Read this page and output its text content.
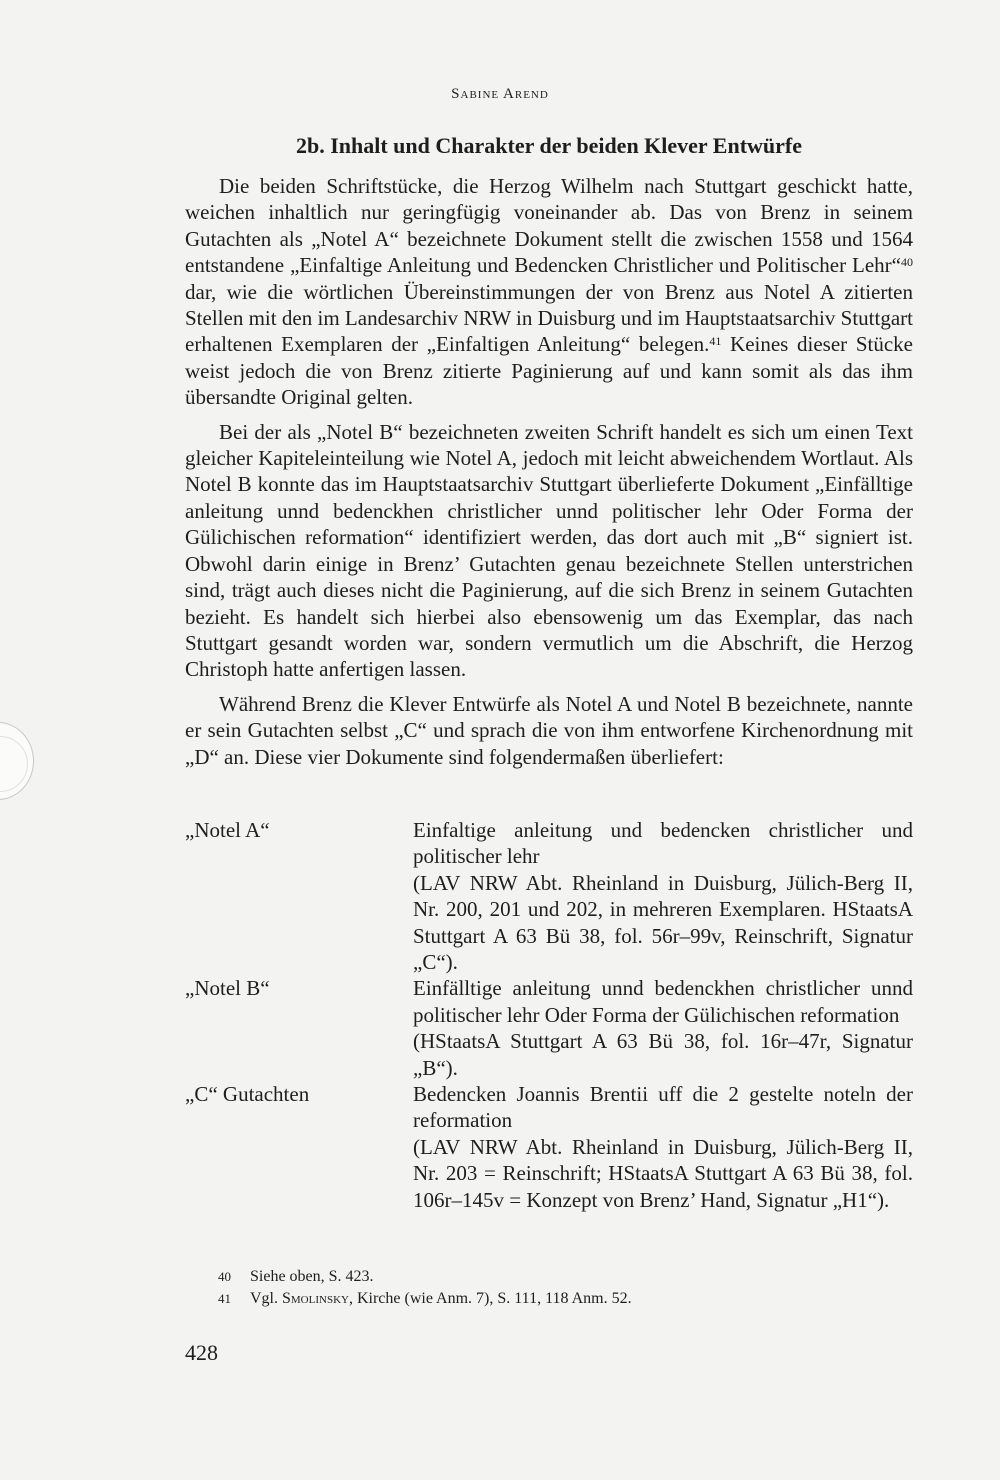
Sabine Arend
2b. Inhalt und Charakter der beiden Klever Entwürfe

Die beiden Schriftstücke, die Herzog Wilhelm nach Stuttgart geschickt hatte, weichen inhaltlich nur geringfügig voneinander ab. Das von Brenz in seinem Gutachten als „Notel A“ bezeichnete Dokument stellt die zwischen 1558 und 1564 entstandene „Einfaltige Anleitung und Bedencken Christlicher und Politischer Lehr“$^{40}$ dar, wie die wörtlichen Übereinstimmungen der von Brenz aus Notel A zitierten Stellen mit den im Landesarchiv NRW in Duisburg und im Hauptstaatsarchiv Stuttgart erhaltenen Exemplaren der „Einfaltigen Anleitung“ belegen.$^{41}$ Keines dieser Stücke weist jedoch die von Brenz zitierte Paginierung auf und kann somit als das ihm übersandte Original gelten.

Bei der als „Notel B“ bezeichneten zweiten Schrift handelt es sich um einen Text gleicher Kapiteleinteilung wie Notel A, jedoch mit leicht abweichendem Wortlaut. Als Notel B konnte das im Hauptstaatsarchiv Stuttgart überlieferte Dokument „Einfälltige anleitung unnd bedenckhen christlicher unnd politischer lehr Oder Forma der Gülichischen reformation“ identifiziert werden, das dort auch mit „B“ signiert ist. Obwohl darin einige in Brenz’ Gutachten genau bezeichnete Stellen unterstrichen sind, trägt auch dieses nicht die Paginierung, auf die sich Brenz in seinem Gutachten bezieht. Es handelt sich hierbei also ebensowenig um das Exemplar, das nach Stuttgart gesandt worden war, sondern vermutlich um die Abschrift, die Herzog Christoph hatte anfertigen lassen.

Während Brenz die Klever Entwürfe als Notel A und Notel B bezeichnete, nannte er sein Gutachten selbst „C“ und sprach die von ihm entworfene Kirchenordnung mit „D“ an. Diese vier Dokumente sind folgendermaßen überliefert:

„Notel A“	Einfaltige anleitung und bedencken christlicher und politischer lehr
(LAV NRW Abt. Rheinland in Duisburg, Jülich-Berg II, Nr. 200, 201 und 202, in mehreren Exemplaren. HStaatsA Stuttgart A 63 Bü 38, fol. 56r–99v, Reinschrift, Signatur „C“).
„Notel B“	Einfälltige anleitung unnd bedenckhen christlicher unnd politischer lehr Oder Forma der Gülichischen reformation
(HStaatsA Stuttgart A 63 Bü 38, fol. 16r–47r, Signatur „B“).
„C“ Gutachten	Bedencken Joannis Brentii uff die 2 gestelte noteln der reformation
(LAV NRW Abt. Rheinland in Duisburg, Jülich-Berg II, Nr. 203 = Reinschrift; HStaatsA Stuttgart A 63 Bü 38, fol. 106r–145v = Konzept von Brenz’ Hand, Signatur „H1“).
40	Siehe oben, S. 423.
41	Vgl. Smolinsky, Kirche (wie Anm. 7), S. 111, 118 Anm. 52.
428
